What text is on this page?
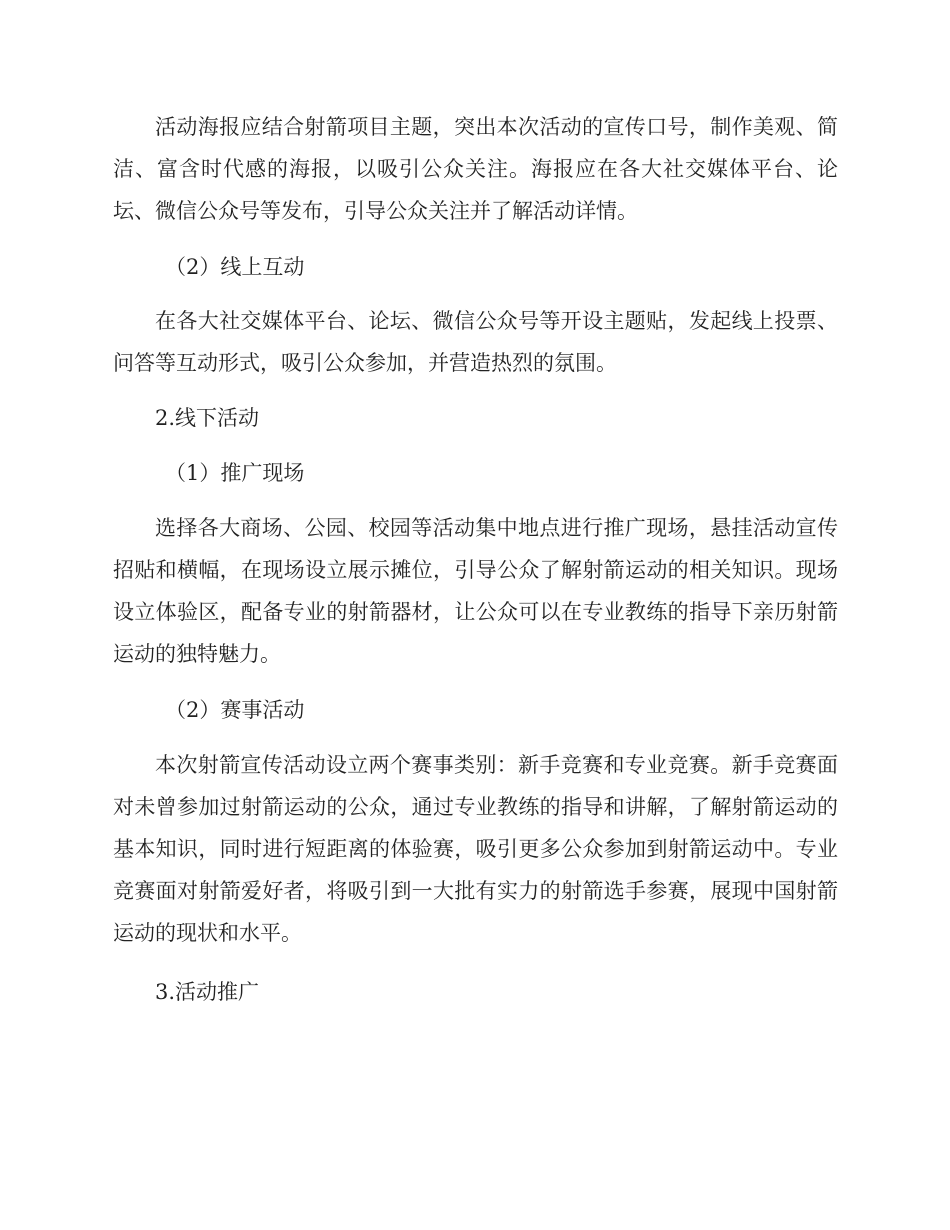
活动海报应结合射箭项目主题，突出本次活动的宣传口号，制作美观、简洁、富含时代感的海报，以吸引公众关注。海报应在各大社交媒体平台、论坛、微信公众号等发布，引导公众关注并了解活动详情。

（2）线上互动

在各大社交媒体平台、论坛、微信公众号等开设主题贴，发起线上投票、问答等互动形式，吸引公众参加，并营造热烈的氛围。

2.线下活动

（1）推广现场

选择各大商场、公园、校园等活动集中地点进行推广现场，悬挂活动宣传招贴和横幅，在现场设立展示摊位，引导公众了解射箭运动的相关知识。现场设立体验区，配备专业的射箭器材，让公众可以在专业教练的指导下亲历射箭运动的独特魅力。

（2）赛事活动

本次射箭宣传活动设立两个赛事类别：新手竞赛和专业竞赛。新手竞赛面对未曾参加过射箭运动的公众，通过专业教练的指导和讲解，了解射箭运动的基本知识，同时进行短距离的体验赛，吸引更多公众参加到射箭运动中。专业竞赛面对射箭爱好者，将吸引到一大批有实力的射箭选手参赛，展现中国射箭运动的现状和水平。

3.活动推广
